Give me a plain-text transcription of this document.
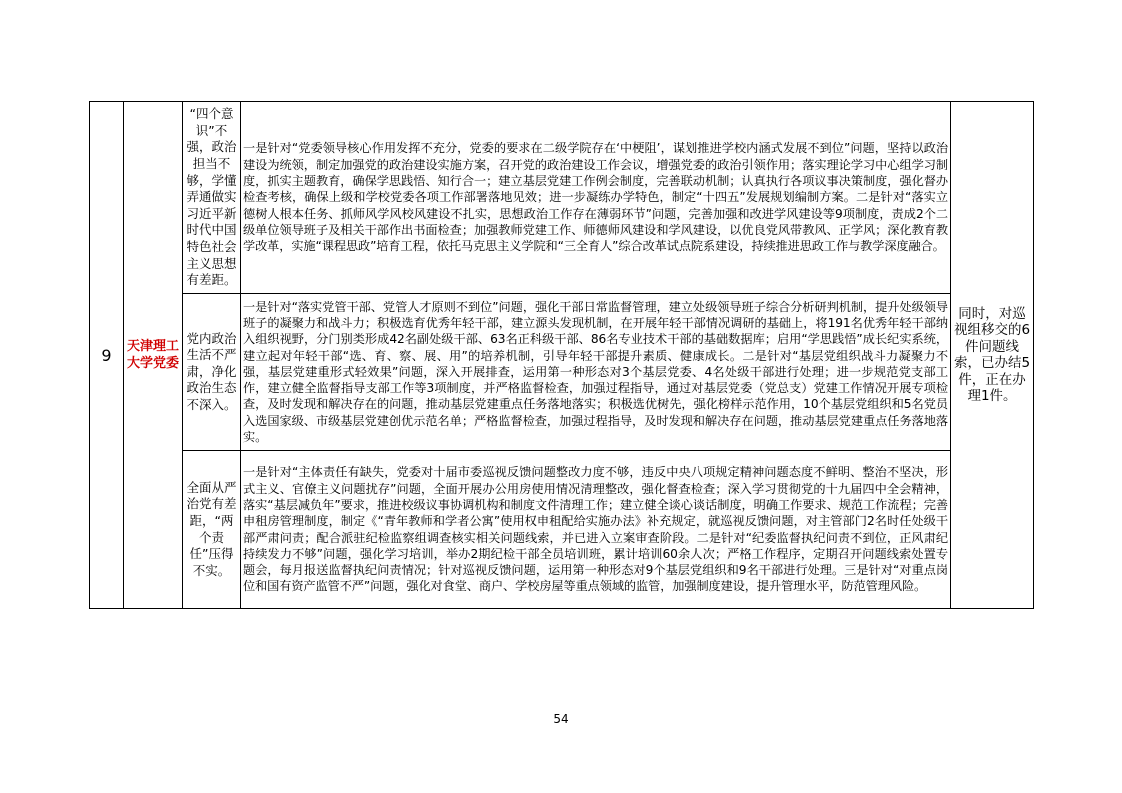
9	天津理工大学党委	“四个意识”不强，政治担当不够，学懂弄通做实习近平新时代中国特色社会主义思想有差距。	一是针对“党委领导核心作用发挥不充分，党委的要求在二级学院存在‘中梗阻’，谋划推进学校内涵式发展不到位”问题，坚持以政治建设为统领，制定加强党的政治建设实施方案，召开党的政治建设工作会议，增强党委的政治引领作用；落实理论学习中心组学习制度，抓实主题教育，确保学思践悟、知行合一；建立基层党建工作例会制度，完善联动机制；认真执行各项议事决策制度，强化督办检查考核，确保上级和学校党委各项工作部署落地见效；进一步凝练办学特色，制定“十四五”发展规划编制方案。二是针对“落实立德树人根本任务、抓师风学风校风建设不扎实，思想政治工作存在薄弱环节”问题，完善加强和改进学风建设等9项制度，责成2个二级单位领导班子及相关干部作出书面检查；加强教师党建工作、师德师风建设和学风建设，以优良党风带教风、正学风；深化教育教学改革，实施“课程思政”培育工程，依托马克思主义学院和“三全育人”综合改革试点院系建设，持续推进思政工作与教学深度融合。	同时，对巡视组移交的6件问题线索，已办结5件，正在办理1件。
		党内政治生活不严肃，净化政治生态不深入。	一是针对“落实党管干部、党管人才原则不到位”问题，强化干部日常监督管理，建立处级领导班子综合分析研判机制，提升处级领导班子的凝聚力和战斗力；积极选育优秀年轻干部，建立源头发现机制，在开展年轻干部情况调研的基础上，将191名优秀年轻干部纳入组织视野，分门别类形成42名副处级干部、63名正科级干部、86名专业技术干部的基础数据库；启用“学思践悟”成长纪实系统，建立起对年轻干部“选、育、察、展、用”的培养机制，引导年轻干部提升素质、健康成长。二是针对“基层党组织战斗力凝聚力不强，基层党建重形式轻效果”问题，深入开展排查，运用第一种形态对3个基层党委、4名处级干部进行处理；进一步规范党支部工作，建立健全监督指导支部工作等3项制度，并严格监督检查，加强过程指导，通过对基层党委（党总支）党建工作情况开展专项检查，及时发现和解决存在的问题，推动基层党建重点任务落地落实；积极选优树先，强化榜样示范作用，10个基层党组织和5名党员入选国家级、市级基层党建创优示范名单；严格监督检查，加强过程指导，及时发现和解决存在问题，推动基层党建重点任务落地落实。	
		全面从严治党有差距，“两个责任”压得不实。	一是针对“主体责任有缺失，党委对十届市委巡视反馈问题整改力度不够，违反中央八项规定精神问题态度不鲜明、整治不坚决，形式主义、官僚主义问题扰存”问题，全面开展办公用房使用情况清理整改，强化督查检查；深入学习贯彻党的十九届四中全会精神，落实“基层减负年”要求，推进校级议事协调机构和制度文件清理工作；建立健全谈心谈话制度，明确工作要求、规范工作流程；完善申租房管理制度，制定《“青年教师和学者公寓”使用权申租配给实施办法》补充规定，就巡视反馈问题，对主管部门2名时任处级干部严肃问责；配合派驻纪检监察组调查核实相关问题线索，并已进入立案审查阶段。二是针对“纪委监督执纪问责不到位，正风肃纪持续发力不够”问题，强化学习培训，举办2期纪检干部全员培训班，累计培训60余人次；严格工作程序，定期召开问题线索处置专题会，每月报送监督执纪问责情况；针对巡视反馈问题，运用第一种形态对9个基层党组织和9名干部进行处理。三是针对“对重点岗位和国有资产监管不严”问题，强化对食堂、商户、学校房屋等重点领域的监管，加强制度建设，提升管理水平，防范管理风险。	
54
